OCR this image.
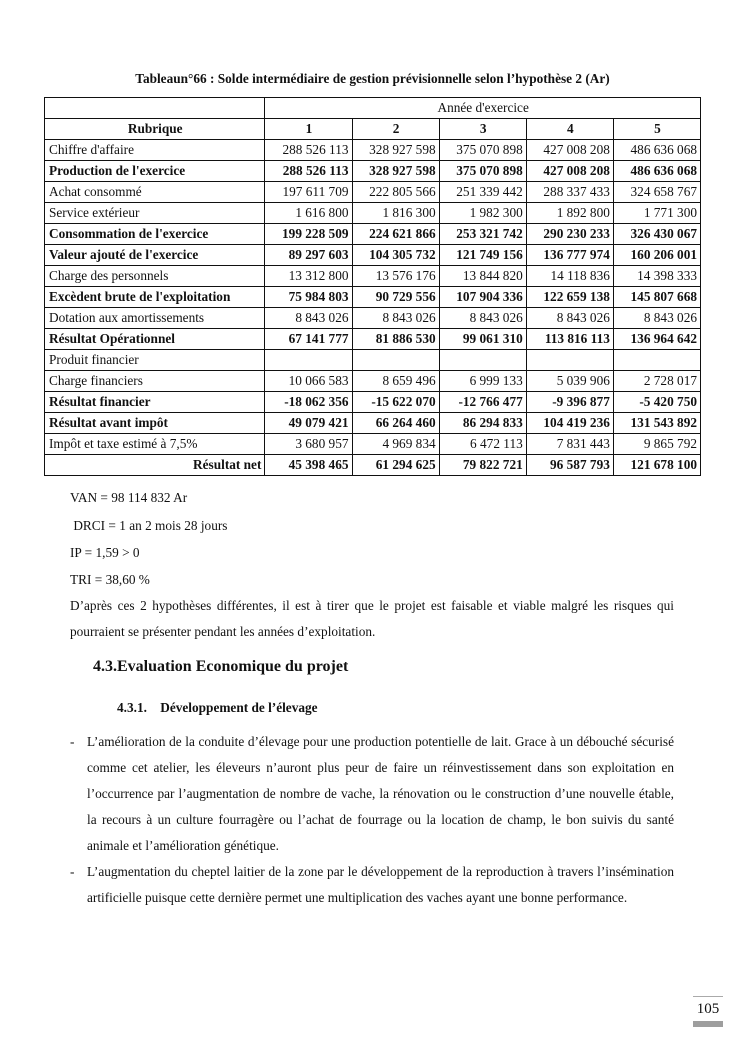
Tableaun°66 : Solde intermédiaire de gestion prévisionnelle selon l’hypothèse 2 (Ar)
	Année d'exercice				
Rubrique	1	2	3	4	5
Chiffre d'affaire	288 526 113	328 927 598	375 070 898	427 008 208	486 636 068
Production de l'exercice	288 526 113	328 927 598	375 070 898	427 008 208	486 636 068
Achat consommé	197 611 709	222 805 566	251 339 442	288 337 433	324 658 767
Service extérieur	1 616 800	1 816 300	1 982 300	1 892 800	1 771 300
Consommation de l'exercice	199 228 509	224 621 866	253 321 742	290 230 233	326 430 067
Valeur ajouté de l'exercice	89 297 603	104 305 732	121 749 156	136 777 974	160 206 001
Charge des personnels	13 312 800	13 576 176	13 844 820	14 118 836	14 398 333
Excèdent brute de l'exploitation	75 984 803	90 729 556	107 904 336	122 659 138	145 807 668
Dotation aux amortissements	8 843 026	8 843 026	8 843 026	8 843 026	8 843 026
Résultat Opérationnel	67 141 777	81 886 530	99 061 310	113 816 113	136 964 642
Produit financier					
Charge financiers	10 066 583	8 659 496	6 999 133	5 039 906	2 728 017
Résultat financier	-18 062 356	-15 622 070	-12 766 477	-9 396 877	-5 420 750
Résultat avant impôt	49 079 421	66 264 460	86 294 833	104 419 236	131 543 892
Impôt et taxe estimé à 7,5%	3 680 957	4 969 834	6 472 113	7 831 443	9 865 792
Résultat net	45 398 465	61 294 625	79 822 721	96 587 793	121 678 100
VAN = 98 114 832 Ar
DRCI = 1 an 2 mois 28 jours
IP = 1,59 > 0
TRI = 38,60 %
D’après ces 2 hypothèses différentes, il est à tirer que le projet est faisable et viable malgré les risques qui pourraient se présenter pendant les années d’exploitation.
4.3.Evaluation Economique du projet
4.3.1. Développement de l’élevage
- L’amélioration de la conduite d’élevage pour une production potentielle de lait. Grace à un débouché sécurisé comme cet atelier, les éleveurs n’auront plus peur de faire un réinvestissement dans son exploitation en l’occurrence par l’augmentation de nombre de vache, la rénovation ou le construction d’une nouvelle étable, la recours à un culture fourragère ou l’achat de fourrage ou la location de champ, le bon suivis du santé animale et l’amélioration génétique.
- L’augmentation du cheptel laitier de la zone par le développement de la reproduction à travers l’insémination artificielle puisque cette dernière permet une multiplication des vaches ayant une bonne performance.
105
